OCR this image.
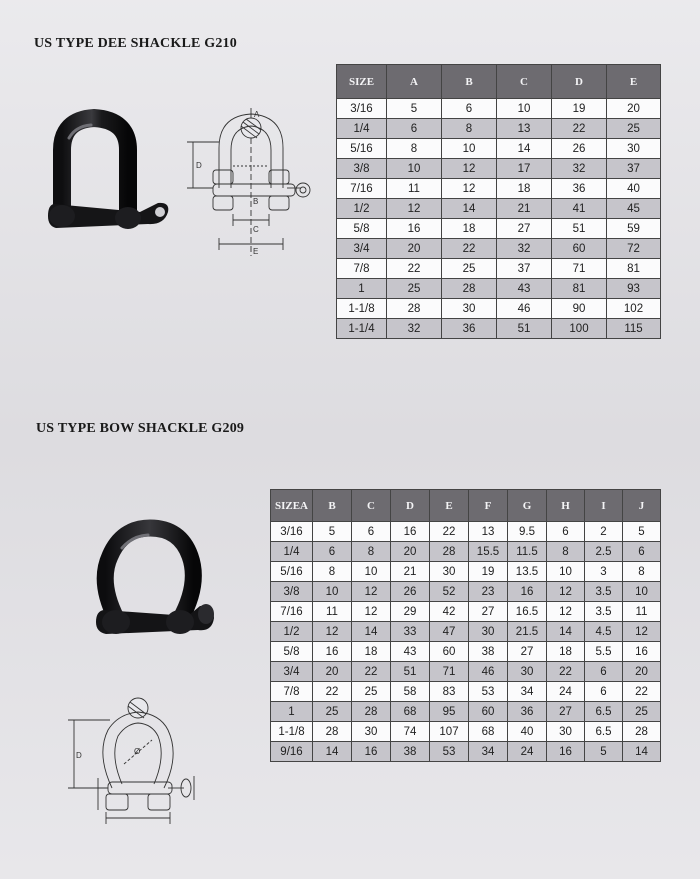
US TYPE DEE SHACKLE G210
A
B
C
D
E
SIZE	A	B	C	D	E
3/16	5	6	10	19	20
1/4	6	8	13	22	25
5/16	8	10	14	26	30
3/8	10	12	17	32	37
7/16	11	12	18	36	40
1/2	12	14	21	41	45
5/8	16	18	27	51	59
3/4	20	22	32	60	72
7/8	22	25	37	71	81
1	25	28	43	81	93
1-1/8	28	30	46	90	102
1-1/4	32	36	51	100	115
US TYPE BOW SHACKLE G209
D	Ø
SIZEA	B	C	D	E	F	G	H	I	J
3/16	5	6	16	22	13	9.5	6	2	5
1/4	6	8	20	28	15.5	11.5	8	2.5	6
5/16	8	10	21	30	19	13.5	10	3	8
3/8	10	12	26	52	23	16	12	3.5	10
7/16	11	12	29	42	27	16.5	12	3.5	11
1/2	12	14	33	47	30	21.5	14	4.5	12
5/8	16	18	43	60	38	27	18	5.5	16
3/4	20	22	51	71	46	30	22	6	20
7/8	22	25	58	83	53	34	24	6	22
1	25	28	68	95	60	36	27	6.5	25
1-1/8	28	30	74	107	68	40	30	6.5	28
9/16	14	16	38	53	34	24	16	5	14
